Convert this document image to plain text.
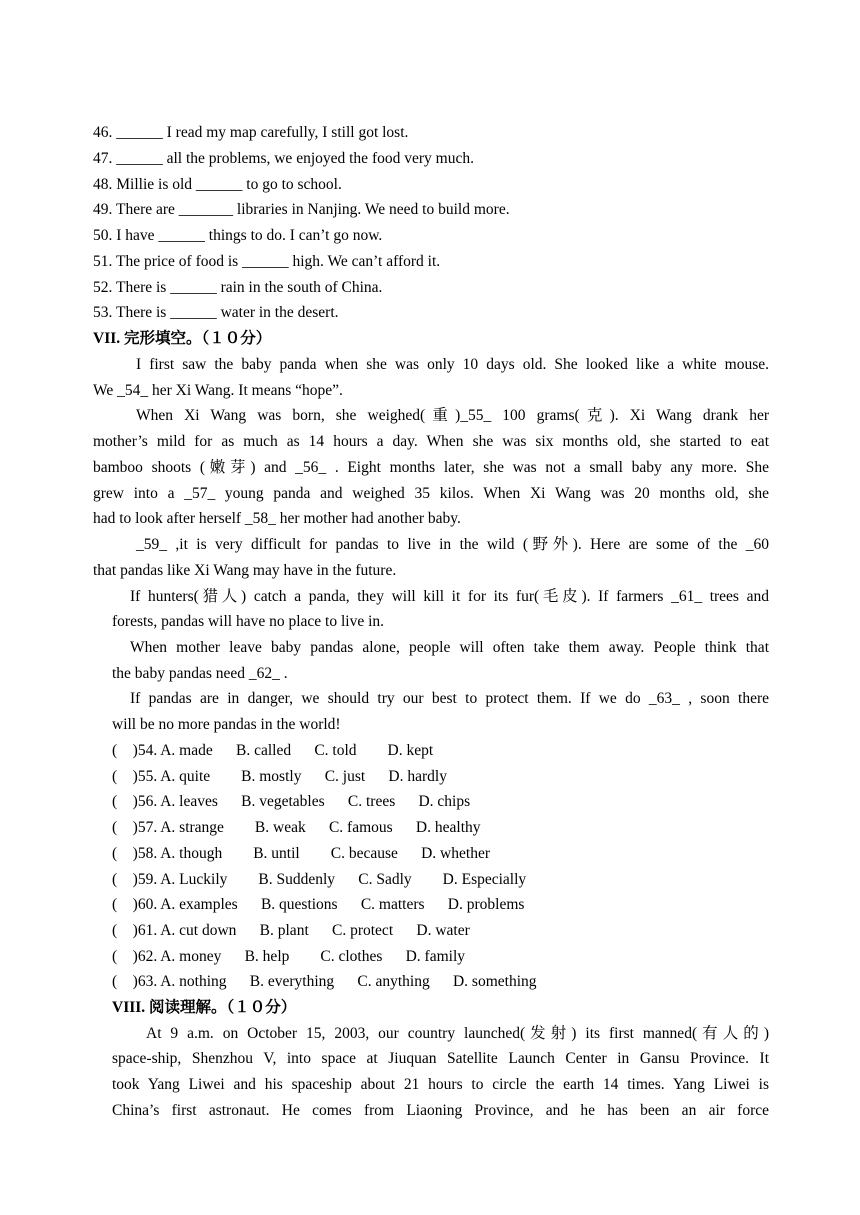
46. ______ I read my map carefully, I still got lost.
47. ______ all the problems, we enjoyed the food very much.
48. Millie is old ______ to go to school.
49. There are _______ libraries in Nanjing. We need to build more.
50. I have ______ things to do. I can’t go now.
51. The price of food is ______ high. We can’t afford it.
52. There is ______ rain in the south of China.
53. There is ______ water in the desert.
VII. 完形填空。（１０分）
I first saw the baby panda when she was only 10 days old. She looked like a white mouse.
We _54_ her Xi Wang. It means “hope”.
When Xi Wang was born, she weighed(重)_55_ 100 grams(克). Xi Wang drank her
mother’s mild for as much as 14 hours a day. When she was six months old, she started to eat
bamboo shoots (嫩芽) and _56_ . Eight months later, she was not a small baby any more. She
grew into a _57_ young panda and weighed 35 kilos. When Xi Wang was 20 months old, she
had to look after herself _58_ her mother had another baby.
_59_ ,it is very difficult for pandas to live in the wild (野外). Here are some of the _60
that pandas like Xi Wang may have in the future.
If hunters(猎人) catch a panda, they will kill it for its fur(毛皮). If farmers _61_ trees and
forests, pandas will have no place to live in.
When mother leave baby pandas alone, people will often take them away. People think that
the baby pandas need _62_ .
If pandas are in danger, we should try our best to protect them. If we do _63_ , soon there
will be no more pandas in the world!
(    )54. A. made      B. called      C. told        D. kept
(    )55. A. quite        B. mostly      C. just      D. hardly
(    )56. A. leaves      B. vegetables      C. trees      D. chips
(    )57. A. strange        B. weak      C. famous      D. healthy
(    )58. A. though        B. until        C. because      D. whether
(    )59. A. Luckily        B. Suddenly      C. Sadly        D. Especially
(    )60. A. examples      B. questions      C. matters      D. problems
(    )61. A. cut down      B. plant      C. protect      D. water
(    )62. A. money      B. help        C. clothes      D. family
(    )63. A. nothing      B. everything      C. anything      D. something
VIII. 阅读理解。（１０分）
At 9 a.m. on October 15, 2003, our country launched(发射) its first manned(有人的)
space-ship, Shenzhou V, into space at Jiuquan Satellite Launch Center in Gansu Province. It
took Yang Liwei and his spaceship about 21 hours to circle the earth 14 times. Yang Liwei is
China’s first astronaut. He comes from Liaoning Province, and he has been an air force
